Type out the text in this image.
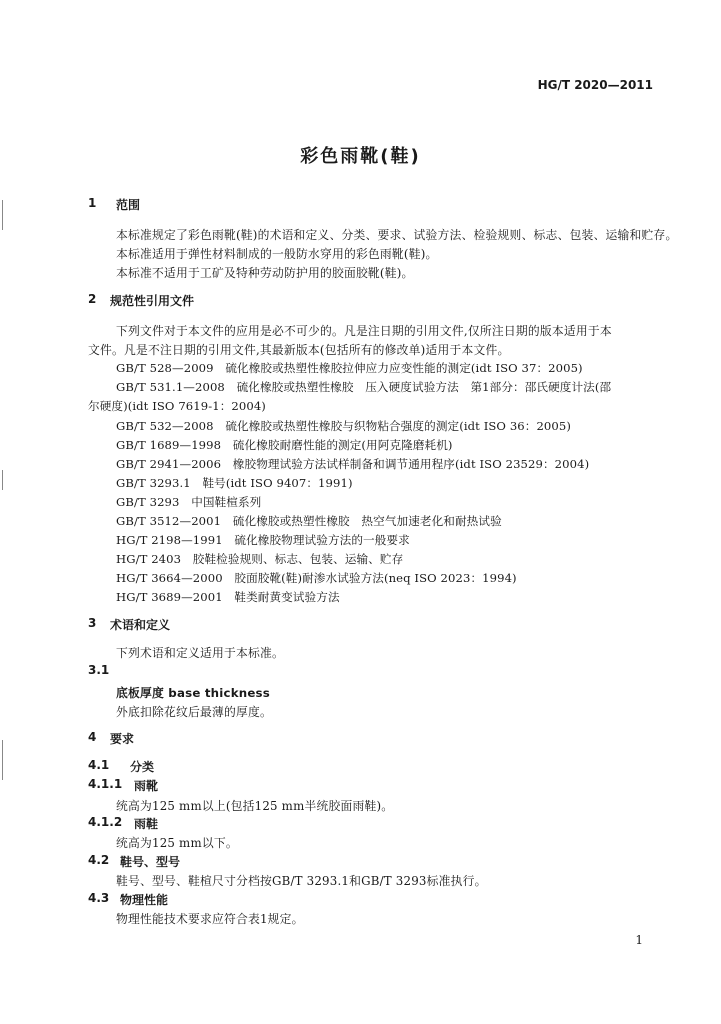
HG/T 2020—2011
彩色雨靴(鞋)
1 范围
本标准规定了彩色雨靴(鞋)的术语和定义、分类、要求、试验方法、检验规则、标志、包装、运输和贮存。
本标准适用于弹性材料制成的一般防水穿用的彩色雨靴(鞋)。
本标准不适用于工矿及特种劳动防护用的胶面胶靴(鞋)。
2 规范性引用文件
下列文件对于本文件的应用是必不可少的。凡是注日期的引用文件,仅所注日期的版本适用于本
文件。凡是不注日期的引用文件,其最新版本(包括所有的修改单)适用于本文件。
GB/T 528—2009　硫化橡胶或热塑性橡胶拉伸应力应变性能的测定(idt ISO 37：2005)
GB/T 531.1—2008　硫化橡胶或热塑性橡胶　压入硬度试验方法　第1部分：邵氏硬度计法(邵
尔硬度)(idt ISO 7619-1：2004)
GB/T 532—2008　硫化橡胶或热塑性橡胶与织物粘合强度的测定(idt ISO 36：2005)
GB/T 1689—1998　硫化橡胶耐磨性能的测定(用阿克隆磨耗机)
GB/T 2941—2006　橡胶物理试验方法试样制备和调节通用程序(idt ISO 23529：2004)
GB/T 3293.1　鞋号(idt ISO 9407：1991)
GB/T 3293　中国鞋楦系列
GB/T 3512—2001　硫化橡胶或热塑性橡胶　热空气加速老化和耐热试验
HG/T 2198—1991　硫化橡胶物理试验方法的一般要求
HG/T 2403　胶鞋检验规则、标志、包装、运输、贮存
HG/T 3664—2000　胶面胶靴(鞋)耐渗水试验方法(neq ISO 2023：1994)
HG/T 3689—2001　鞋类耐黄变试验方法
3 术语和定义
下列术语和定义适用于本标准。
3.1
底板厚度 base thickness
外底扣除花纹后最薄的厚度。
4 要求
4.1 分类
4.1.1 雨靴
统高为125 mm以上(包括125 mm半统胶面雨鞋)。
4.1.2 雨鞋
统高为125 mm以下。
4.2 鞋号、型号
鞋号、型号、鞋楦尺寸分档按GB/T 3293.1和GB/T 3293标准执行。
4.3 物理性能
物理性能技术要求应符合表1规定。
1
